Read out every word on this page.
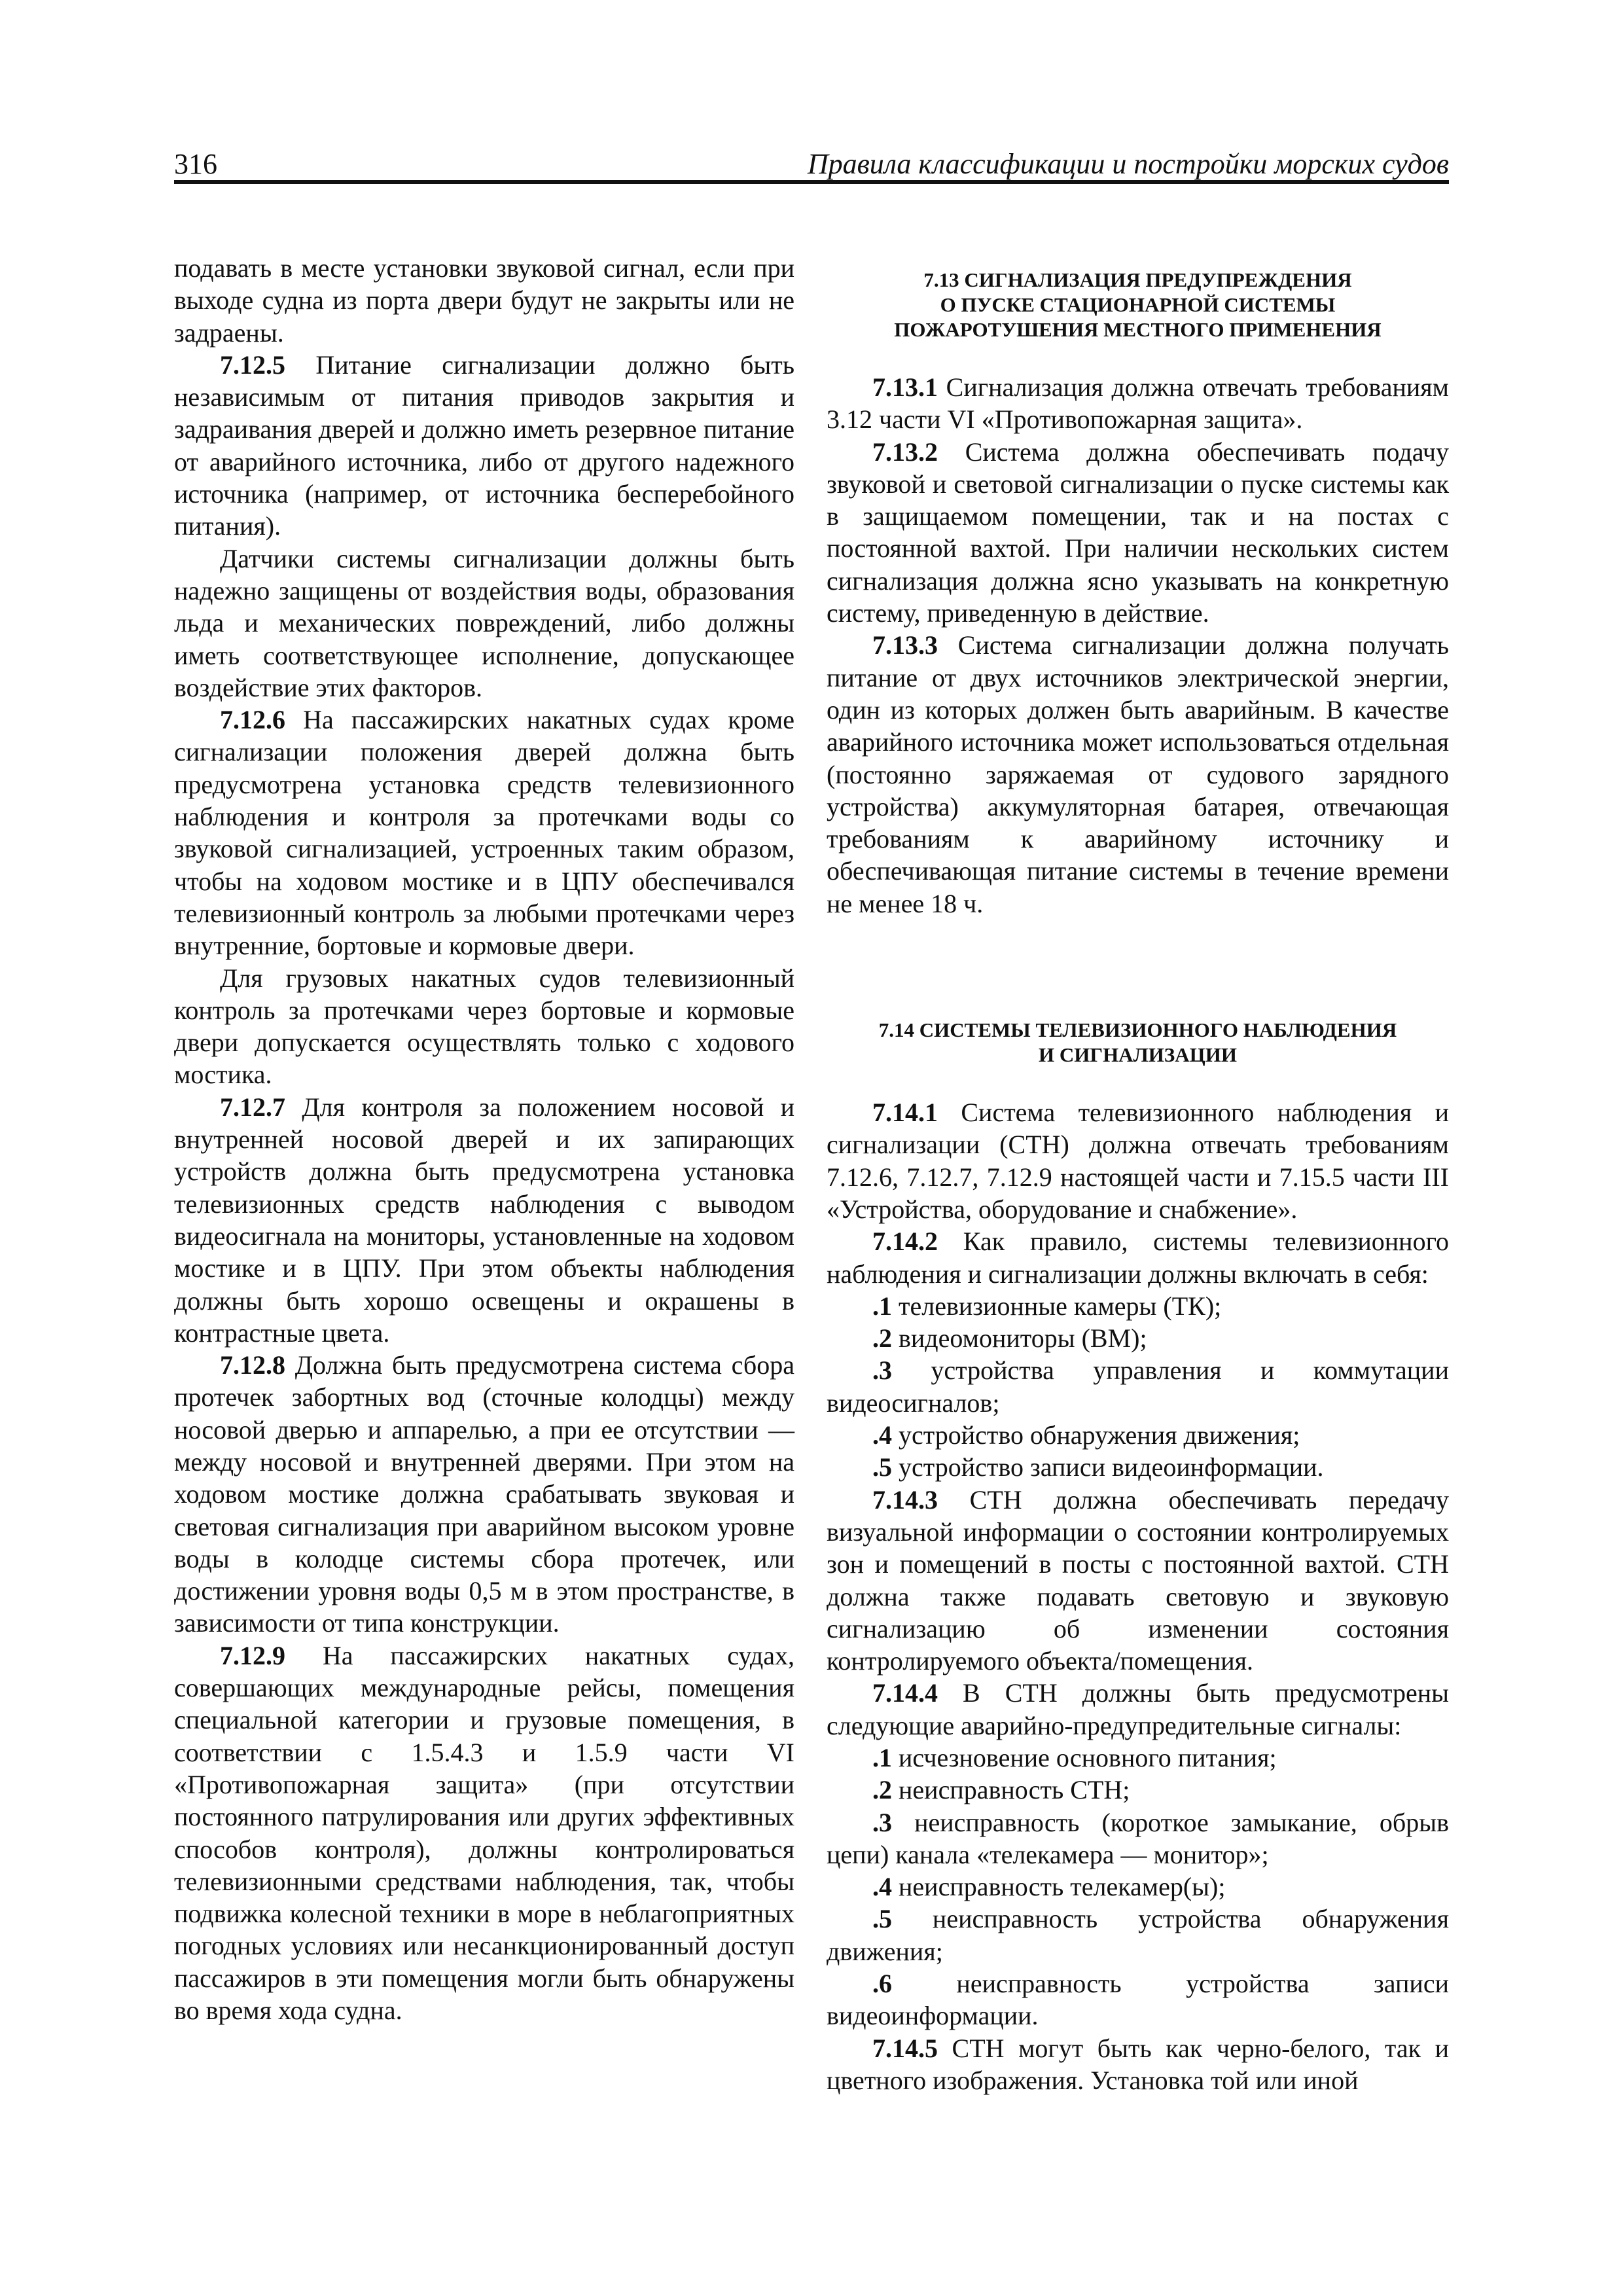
316	Правила классификации и постройки морских судов

подавать в месте установки звуковой сигнал, если при выходе судна из порта двери будут не закрыты или не задраены.

7.12.5 Питание сигнализации должно быть независимым от питания приводов закрытия и задраивания дверей и должно иметь резервное питание от аварийного источника, либо от другого надежного источника (например, от источника бесперебойного питания).

Датчики системы сигнализации должны быть надежно защищены от воздействия воды, образования льда и механических повреждений, либо должны иметь соответствующее исполнение, допускающее воздействие этих факторов.

7.12.6 На пассажирских накатных судах кроме сигнализации положения дверей должна быть предусмотрена установка средств телевизионного наблюдения и контроля за протечками воды со звуковой сигнализацией, устроенных таким образом, чтобы на ходовом мостике и в ЦПУ обеспечивался телевизионный контроль за любыми протечками через внутренние, бортовые и кормовые двери.

Для грузовых накатных судов телевизионный контроль за протечками через бортовые и кормовые двери допускается осуществлять только с ходового мостика.

7.12.7 Для контроля за положением носовой и внутренней носовой дверей и их запирающих устройств должна быть предусмотрена установка телевизионных средств наблюдения с выводом видеосигнала на мониторы, установленные на ходовом мостике и в ЦПУ. При этом объекты наблюдения должны быть хорошо освещены и окрашены в контрастные цвета.

7.12.8 Должна быть предусмотрена система сбора протечек забортных вод (сточные колодцы) между носовой дверью и аппарелью, а при ее отсутствии — между носовой и внутренней дверями. При этом на ходовом мостике должна срабатывать звуковая и световая сигнализация при аварийном высоком уровне воды в колодце системы сбора протечек, или достижении уровня воды 0,5 м в этом пространстве, в зависимости от типа конструкции.

7.12.9 На пассажирских накатных судах, совершающих международные рейсы, помещения специальной категории и грузовые помещения, в соответствии с 1.5.4.3 и 1.5.9 части VI «Противопожарная защита» (при отсутствии постоянного патрулирования или других эффективных способов контроля), должны контролироваться телевизионными средствами наблюдения, так, чтобы подвижка колесной техники в море в неблагоприятных погодных условиях или несанкционированный доступ пассажиров в эти помещения могли быть обнаружены во время хода судна.

7.13 СИГНАЛИЗАЦИЯ ПРЕДУПРЕЖДЕНИЯ
О ПУСКЕ СТАЦИОНАРНОЙ СИСТЕМЫ
ПОЖАРОТУШЕНИЯ МЕСТНОГО ПРИМЕНЕНИЯ

7.13.1 Сигнализация должна отвечать требованиям 3.12 части VI «Противопожарная защита».

7.13.2 Система должна обеспечивать подачу звуковой и световой сигнализации о пуске системы как в защищаемом помещении, так и на постах с постоянной вахтой. При наличии нескольких систем сигнализация должна ясно указывать на конкретную систему, приведенную в действие.

7.13.3 Система сигнализации должна получать питание от двух источников электрической энергии, один из которых должен быть аварийным. В качестве аварийного источника может использоваться отдельная (постоянно заряжаемая от судового зарядного устройства) аккумуляторная батарея, отвечающая требованиям к аварийному источнику и обеспечивающая питание системы в течение времени не менее 18 ч.

7.14 СИСТЕМЫ ТЕЛЕВИЗИОННОГО НАБЛЮДЕНИЯ
И СИГНАЛИЗАЦИИ

7.14.1 Система телевизионного наблюдения и сигнализации (СТН) должна отвечать требованиям 7.12.6, 7.12.7, 7.12.9 настоящей части и 7.15.5 части III «Устройства, оборудование и снабжение».

7.14.2 Как правило, системы телевизионного наблюдения и сигнализации должны включать в себя:

.1 телевизионные камеры (ТК);

.2 видеомониторы (ВМ);

.3 устройства управления и коммутации видеосигналов;

.4 устройство обнаружения движения;

.5 устройство записи видеоинформации.

7.14.3 СТН должна обеспечивать передачу визуальной информации о состоянии контролируемых зон и помещений в посты с постоянной вахтой. СТН должна также подавать световую и звуковую сигнализацию об изменении состояния контролируемого объекта/помещения.

7.14.4 В СТН должны быть предусмотрены следующие аварийно-предупредительные сигналы:

.1 исчезновение основного питания;

.2 неисправность СТН;

.3 неисправность (короткое замыкание, обрыв цепи) канала «телекамера — монитор»;

.4 неисправность телекамер(ы);

.5 неисправность устройства обнаружения движения;

.6 неисправность устройства записи видеоинформации.

7.14.5 СТН могут быть как черно-белого, так и цветного изображения. Установка той или иной
